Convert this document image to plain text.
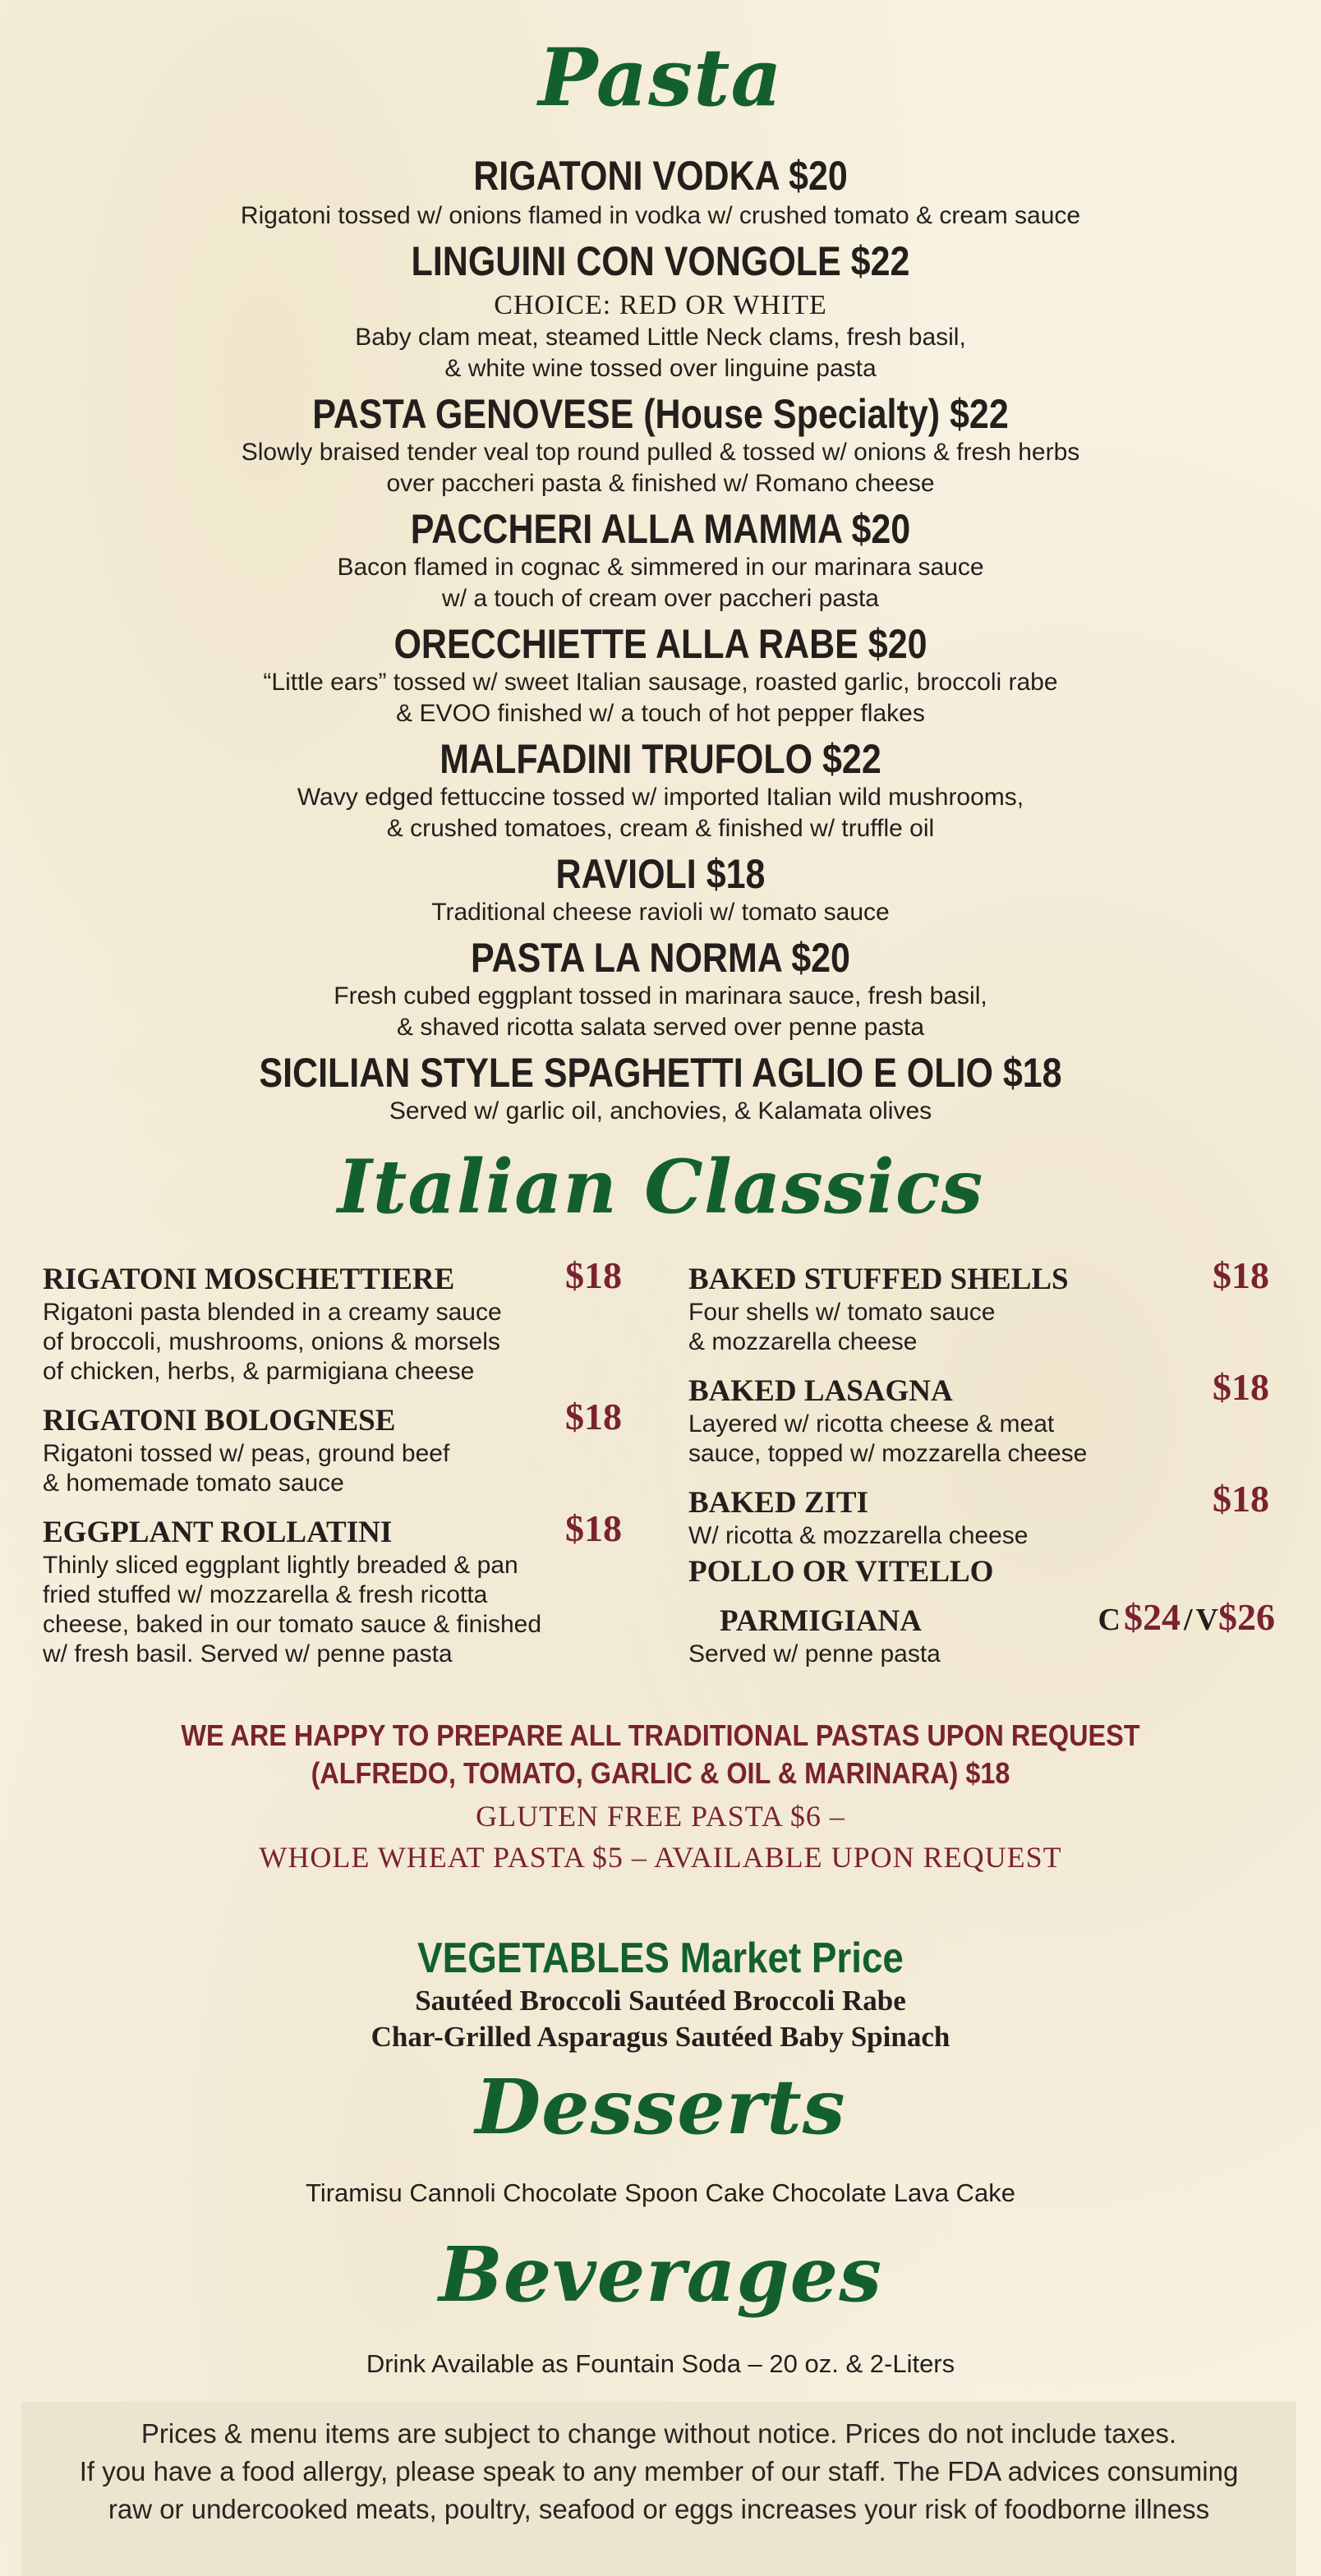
Pasta
RIGATONI VODKA $20
Rigatoni tossed w/ onions flamed in vodka w/ crushed tomato & cream sauce
LINGUINI CON VONGOLE $22
CHOICE: RED OR WHITE
Baby clam meat, steamed Little Neck clams, fresh basil,
& white wine tossed over linguine pasta
PASTA GENOVESE (House Specialty) $22
Slowly braised tender veal top round pulled & tossed w/ onions & fresh herbs
over paccheri pasta & finished w/ Romano cheese
PACCHERI ALLA MAMMA $20
Bacon flamed in cognac & simmered in our marinara sauce
w/ a touch of cream over paccheri pasta
ORECCHIETTE ALLA RABE $20
“Little ears” tossed w/ sweet Italian sausage, roasted garlic, broccoli rabe
& EVOO finished w/ a touch of hot pepper flakes
MALFADINI TRUFOLO $22
Wavy edged fettuccine tossed w/ imported Italian wild mushrooms,
& crushed tomatoes, cream & finished w/ truffle oil
RAVIOLI $18
Traditional cheese ravioli w/ tomato sauce
PASTA LA NORMA $20
Fresh cubed eggplant tossed in marinara sauce, fresh basil,
& shaved ricotta salata served over penne pasta
SICILIAN STYLE SPAGHETTI AGLIO E OLIO $18
Served w/ garlic oil, anchovies, & Kalamata olives
Italian Classics
RIGATONI MOSCHETTIERE	$18
Rigatoni pasta blended in a creamy sauce
of broccoli, mushrooms, onions & morsels
of chicken, herbs, & parmigiana cheese
RIGATONI BOLOGNESE	$18
Rigatoni tossed w/ peas, ground beef
& homemade tomato sauce
EGGPLANT ROLLATINI	$18
Thinly sliced eggplant lightly breaded & pan
fried stuffed w/ mozzarella & fresh ricotta
cheese, baked in our tomato sauce & finished
w/ fresh basil. Served w/ penne pasta
BAKED STUFFED SHELLS	$18
Four shells w/ tomato sauce
& mozzarella cheese
BAKED LASAGNA	$18
Layered w/ ricotta cheese & meat
sauce, topped w/ mozzarella cheese
BAKED ZITI	$18
W/ ricotta & mozzarella cheese
POLLO OR VITELLO
PARMIGIANA	C $24 / V$26
Served w/ penne pasta
WE ARE HAPPY TO PREPARE ALL TRADITIONAL PASTAS UPON REQUEST
(ALFREDO, TOMATO, GARLIC & OIL & MARINARA) $18
GLUTEN FREE PASTA $6 –
WHOLE WHEAT PASTA $5 – AVAILABLE UPON REQUEST
VEGETABLES Market Price
Sautéed Broccoli Sautéed Broccoli Rabe
Char-Grilled Asparagus Sautéed Baby Spinach
Desserts
Tiramisu Cannoli Chocolate Spoon Cake Chocolate Lava Cake
Beverages
Drink Available as Fountain Soda – 20 oz. & 2-Liters
Prices & menu items are subject to change without notice. Prices do not include taxes.
If you have a food allergy, please speak to any member of our staff. The FDA advices consuming
raw or undercooked meats, poultry, seafood or eggs increases your risk of foodborne illness
